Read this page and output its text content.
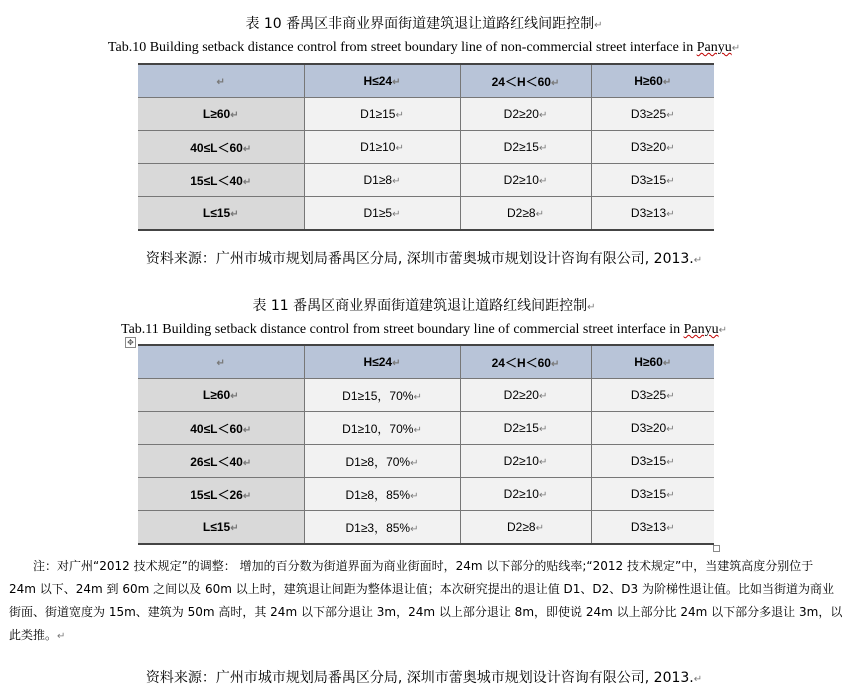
表 10 番禺区非商业界面街道建筑退让道路红线间距控制↵
Tab.10 Building setback distance control from street boundary line of non-commercial street interface in Panyu↵
↵	H≤24↵	24＜H＜60↵	H≥60↵
L≥60↵	D1≥15↵	D2≥20↵	D3≥25↵
40≤L＜60↵	D1≥10↵	D2≥15↵	D3≥20↵
15≤L＜40↵	D1≥8↵	D2≥10↵	D3≥15↵
L≤15↵	D1≥5↵	D2≥8↵	D3≥13↵
资料来源：广州市城市规划局番禺区分局, 深圳市蕾奥城市规划设计咨询有限公司, 2013.↵
表 11 番禺区商业界面街道建筑退让道路红线间距控制↵
Tab.11 Building setback distance control from street boundary line of commercial street interface in Panyu↵
✥
↵	H≤24↵	24＜H＜60↵	H≥60↵
L≥60↵	D1≥15，70%↵	D2≥20↵	D3≥25↵
40≤L＜60↵	D1≥10，70%↵	D2≥15↵	D3≥20↵
26≤L＜40↵	D1≥8，70%↵	D2≥10↵	D3≥15↵
15≤L＜26↵	D1≥8，85%↵	D2≥10↵	D3≥15↵
L≤15↵	D1≥3，85%↵	D2≥8↵	D3≥13↵
注：对广州“2012 技术规定”的调整： 增加的百分数为街道界面为商业街面时，24m 以下部分的贴线率;“2012 技术规定”中，当建筑高度分别位于 24m 以下、24m 到 60m 之间以及 60m 以上时，建筑退让间距为整体退让值；本次研究提出的退让值 D1、D2、D3 为阶梯性退让值。比如当街道为商业街面、街道宽度为 15m、建筑为 50m 高时，其 24m 以下部分退让 3m，24m 以上部分退让 8m，即使说 24m 以上部分比 24m 以下部分多退让 3m，以此类推。↵
资料来源：广州市城市规划局番禺区分局, 深圳市蕾奥城市规划设计咨询有限公司, 2013.↵
